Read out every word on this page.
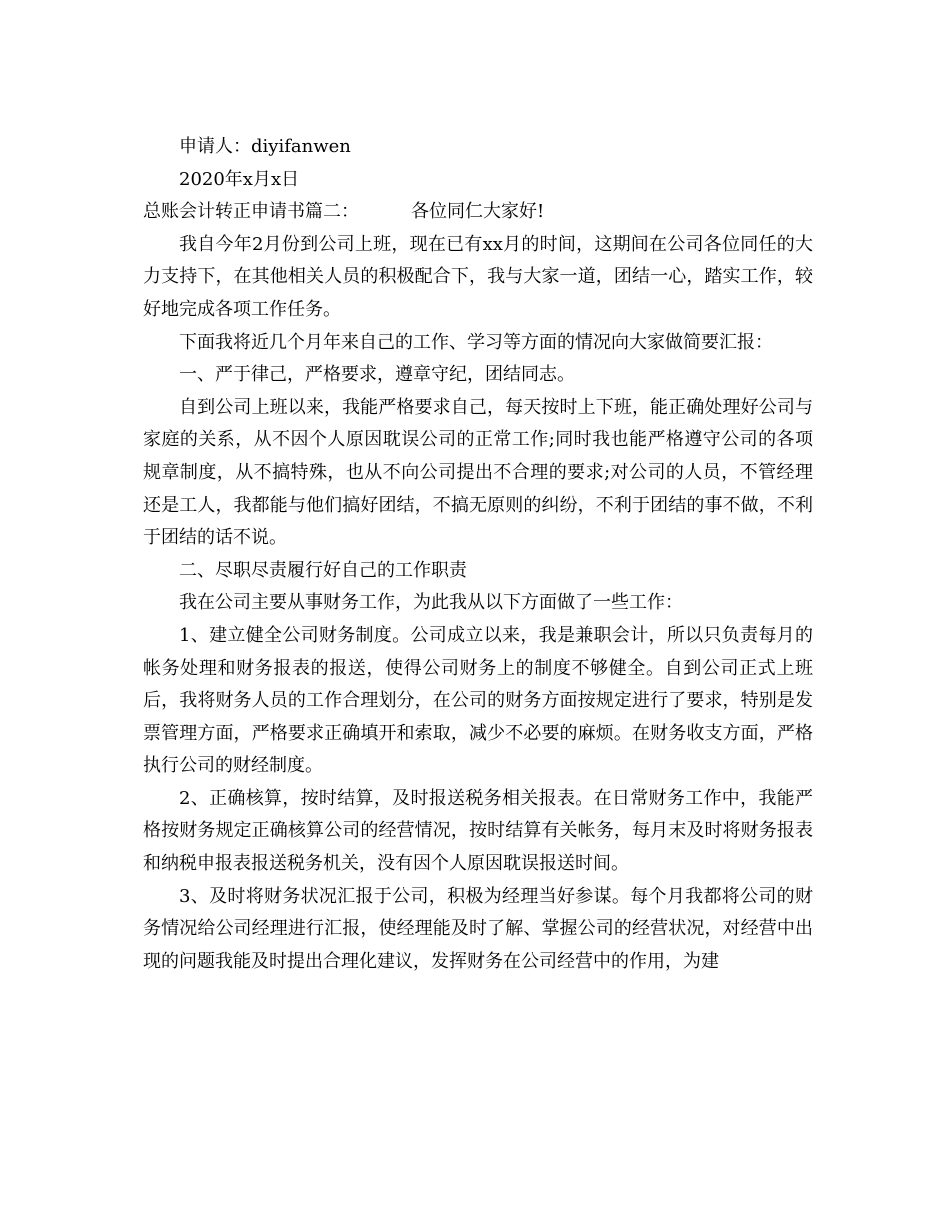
申请人：diyifanwen

2020年x月x日

总账会计转正申请书篇二：	各位同仁大家好!

我自今年2月份到公司上班，现在已有xx月的时间，这期间在公司各位同任的大力支持下，在其他相关人员的积极配合下，我与大家一道，团结一心，踏实工作，较好地完成各项工作任务。

下面我将近几个月年来自己的工作、学习等方面的情况向大家做简要汇报：

一、严于律己，严格要求，遵章守纪，团结同志。

自到公司上班以来，我能严格要求自己，每天按时上下班，能正确处理好公司与家庭的关系，从不因个人原因耽误公司的正常工作;同时我也能严格遵守公司的各项规章制度，从不搞特殊，也从不向公司提出不合理的要求;对公司的人员，不管经理还是工人，我都能与他们搞好团结，不搞无原则的纠纷，不利于团结的事不做，不利于团结的话不说。

二、尽职尽责履行好自己的工作职责

我在公司主要从事财务工作，为此我从以下方面做了一些工作：

1、建立健全公司财务制度。公司成立以来，我是兼职会计，所以只负责每月的帐务处理和财务报表的报送，使得公司财务上的制度不够健全。自到公司正式上班后，我将财务人员的工作合理划分，在公司的财务方面按规定进行了要求，特别是发票管理方面，严格要求正确填开和索取，减少不必要的麻烦。在财务收支方面，严格执行公司的财经制度。

2、正确核算，按时结算，及时报送税务相关报表。在日常财务工作中，我能严格按财务规定正确核算公司的经营情况，按时结算有关帐务，每月末及时将财务报表和纳税申报表报送税务机关，没有因个人原因耽误报送时间。

3、及时将财务状况汇报于公司，积极为经理当好参谋。每个月我都将公司的财务情况给公司经理进行汇报，使经理能及时了解、掌握公司的经营状况，对经营中出现的问题我能及时提出合理化建议，发挥财务在公司经营中的作用，为建
